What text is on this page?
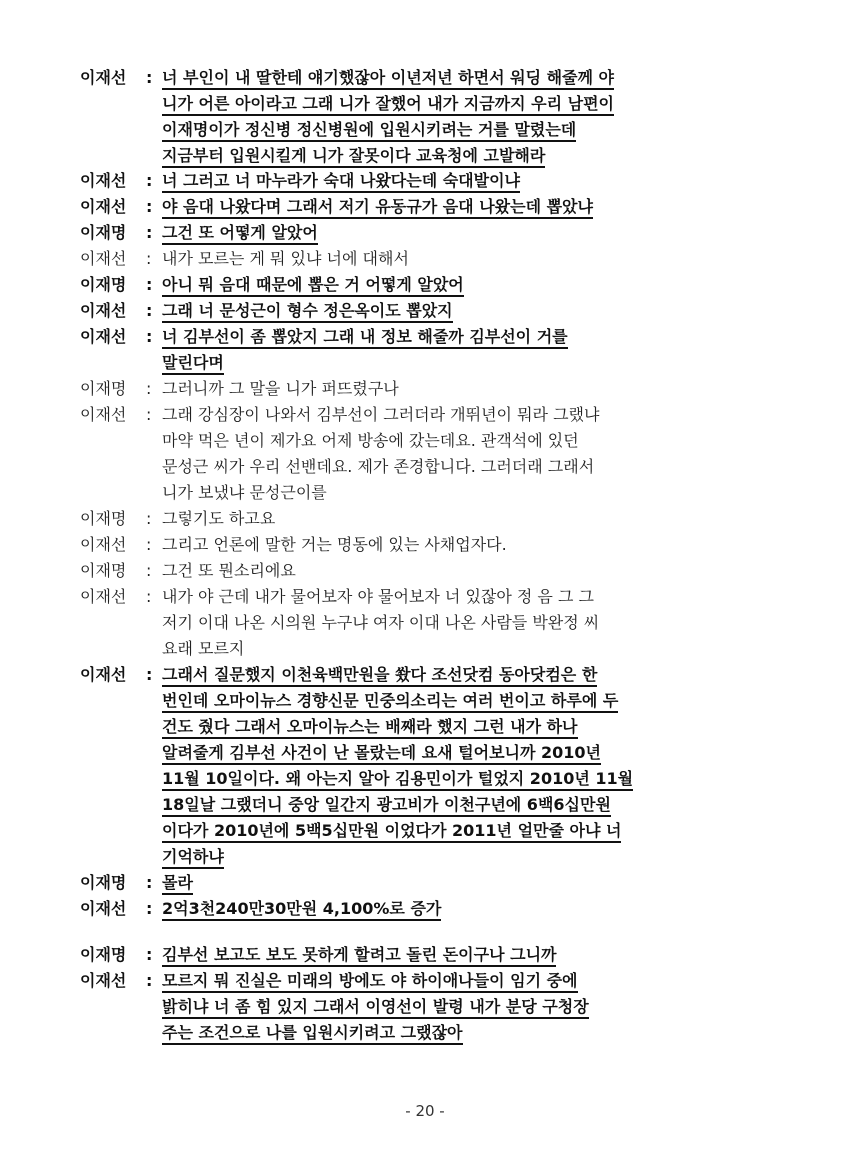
이재선 : 너 부인이 내 딸한테 얘기했잖아 이년저년 하면서 워딩 해줄께 야
니가 어른 아이라고 그래 니가 잘했어 내가 지금까지 우리 남편이
이재명이가 정신병 정신병원에 입원시키려는 거를 말렸는데
지금부터 입원시킬게 니가 잘못이다 교육청에 고발해라
이재선 : 너 그러고 너 마누라가 숙대 나왔다는데 숙대발이냐
이재선 : 야 음대 나왔다며 그래서 저기 유동규가 음대 나왔는데 뽑았냐
이재명 : 그건 또 어떻게 알았어
이재선 : 내가 모르는 게 뭐 있냐 너에 대해서
이재명 : 아니 뭐 음대 때문에 뽑은 거 어떻게 알았어
이재선 : 그래 너 문성근이 형수 정은옥이도 뽑았지
이재선 : 너 김부선이 좀 뽑았지 그래 내 정보 해줄까 김부선이 거를
말린다며
이재명 : 그러니까 그 말을 니가 퍼뜨렸구나
이재선 : 그래 강심장이 나와서 김부선이 그러더라 개뛰년이 뭐라 그랬냐
마약 먹은 년이 제가요 어제 방송에 갔는데요. 관객석에 있던
문성근 씨가 우리 선밴데요. 제가 존경합니다. 그러더래 그래서
니가 보냈냐 문성근이를
이재명 : 그렇기도 하고요
이재선 : 그리고 언론에 말한 거는 명동에 있는 사채업자다.
이재명 : 그건 또 뭔소리에요
이재선 : 내가 야 근데 내가 물어보자 야 물어보자 너 있잖아 정 음 그 그
저기 이대 나온 시의원 누구냐 여자 이대 나온 사람들 박완정 씨
요래 모르지
이재선 : 그래서 질문했지 이천육백만원을 쐈다 조선닷컴 동아닷컴은 한
번인데 오마이뉴스 경향신문 민중의소리는 여러 번이고 하루에 두
건도 줬다 그래서 오마이뉴스는 배째라 했지 그런 내가 하나
알려줄게 김부선 사건이 난 몰랐는데 요새 털어보니까 2010년
11월 10일이다. 왜 아는지 알아 김용민이가 털었지 2010년 11월
18일날 그랬더니 중앙 일간지 광고비가 이천구년에 6백6십만원
이다가 2010년에 5백5십만원 이었다가 2011년 얼만줄 아냐 너
기억하냐
이재명 : 몰라
이재선 : 2억3천240만30만원 4,100%로 증가
이재명 : 김부선 보고도 보도 못하게 할려고 돌린 돈이구나 그니까
이재선 : 모르지 뭐 진실은 미래의 방에도 야 하이애나들이 임기 중에
밝히냐 너 좀 힘 있지 그래서 이영선이 발령 내가 분당 구청장
주는 조건으로 나를 입원시키려고 그랬잖아
- 20 -
